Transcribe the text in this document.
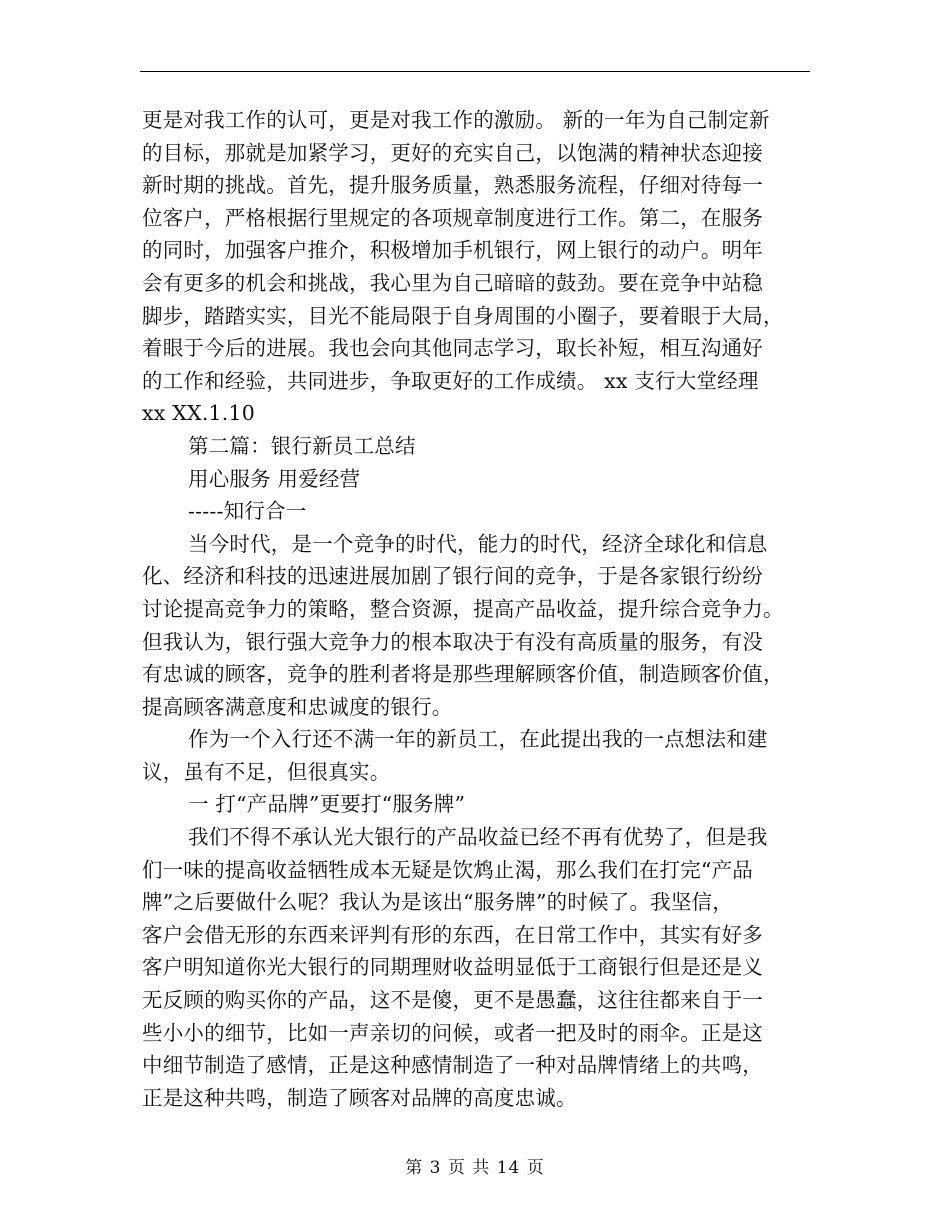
更是对我工作的认可，更是对我工作的激励。 新的一年为自己制定新
的目标，那就是加紧学习，更好的充实自己，以饱满的精神状态迎接
新时期的挑战。首先，提升服务质量，熟悉服务流程，仔细对待每一
位客户，严格根据行里规定的各项规章制度进行工作。第二，在服务
的同时，加强客户推介，积极增加手机银行，网上银行的动户。明年
会有更多的机会和挑战，我心里为自己暗暗的鼓劲。要在竞争中站稳
脚步，踏踏实实，目光不能局限于自身周围的小圈子，要着眼于大局，
着眼于今后的进展。我也会向其他同志学习，取长补短，相互沟通好
的工作和经验，共同进步，争取更好的工作成绩。 xx 支行大堂经理
xx XX.1.10
第二篇：银行新员工总结
用心服务 用爱经营
-----知行合一
当今时代，是一个竞争的时代，能力的时代，经济全球化和信息
化、经济和科技的迅速进展加剧了银行间的竞争，于是各家银行纷纷
讨论提高竞争力的策略，整合资源，提高产品收益，提升综合竞争力。
但我认为，银行强大竞争力的根本取决于有没有高质量的服务，有没
有忠诚的顾客，竞争的胜利者将是那些理解顾客价值，制造顾客价值，
提高顾客满意度和忠诚度的银行。
作为一个入行还不满一年的新员工，在此提出我的一点想法和建
议，虽有不足，但很真实。
一 打“产品牌”更要打“服务牌”
我们不得不承认光大银行的产品收益已经不再有优势了，但是我
们一味的提高收益牺牲成本无疑是饮鸩止渴，那么我们在打完“产品
牌”之后要做什么呢？我认为是该出“服务牌”的时候了。我坚信，
客户会借无形的东西来评判有形的东西，在日常工作中，其实有好多
客户明知道你光大银行的同期理财收益明显低于工商银行但是还是义
无反顾的购买你的产品，这不是傻，更不是愚蠢，这往往都来自于一
些小小的细节，比如一声亲切的问候，或者一把及时的雨伞。正是这
中细节制造了感情，正是这种感情制造了一种对品牌情绪上的共鸣，
正是这种共鸣，制造了顾客对品牌的高度忠诚。
第 3 页 共 14 页
